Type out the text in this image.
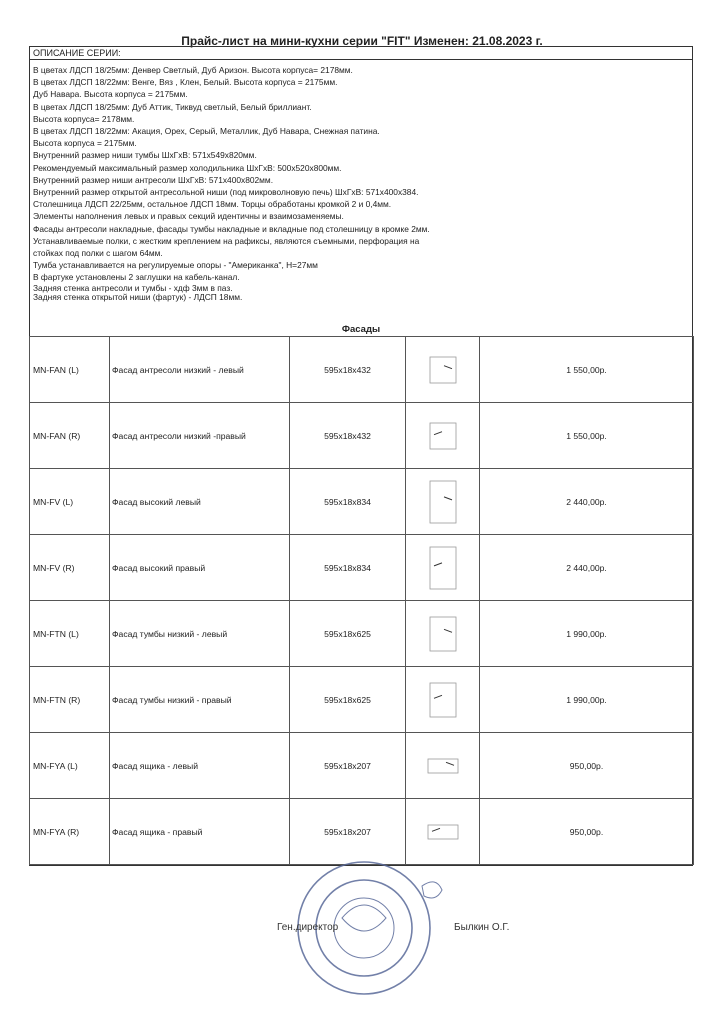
Прайс-лист на мини-кухни серии "FIT" Изменен: 21.08.2023 г.
ОПИСАНИЕ СЕРИИ:
В цветах ЛДСП 18/25мм: Денвер Светлый, Дуб Аризон. Высота корпуса= 2178мм.
В цветах ЛДСП 18/22мм: Венге, Вяз , Клен, Белый. Высота корпуса = 2175мм.
Дуб Навара. Высота корпуса = 2175мм.
В цветах ЛДСП 18/25мм: Дуб Аттик, Тиквуд светлый, Белый бриллиант.
Высота корпуса= 2178мм.
В цветах ЛДСП 18/22мм: Акация, Орех, Серый, Металлик, Дуб Навара, Снежная патина.
Высота корпуса = 2175мм.
Внутренний размер ниши тумбы ШхГхВ: 571х549х820мм.
Рекомендуемый максимальный размер холодильника ШхГхВ: 500х520х800мм.
Внутренний размер ниши антресоли ШхГхВ: 571х400х802мм.
Внутренний размер открытой антресольной ниши (под микроволновую печь) ШхГхВ: 571х400х384.
Столешница ЛДСП 22/25мм, остальное ЛДСП 18мм. Торцы обработаны кромкой 2 и 0,4мм.
Элементы наполнения левых и правых секций идентичны и взаимозаменяемы.
Фасады антресоли накладные, фасады тумбы накладные и вкладные под столешницу в кромке 2мм.
Устанавливаемые полки, с жестким креплением на рафиксы, являются съемными, перфорация на
стойках под полки с шагом 64мм.
Тумба устанавливается на регулируемые опоры - "Американка", Н=27мм
В фартуке установлены 2 заглушки на кабель-канал.
Задняя стенка антресоли и тумбы - хдф 3мм в паз.
Задняя стенка открытой ниши (фартук) - ЛДСП 18мм.
Фасады
MN-FAN (L)	Фасад антресоли низкий - левый	595х18х432		1 550,00р.
MN-FAN (R)	Фасад антресоли низкий -правый	595х18х432		1 550,00р.
MN-FV (L)	Фасад высокий левый	595х18х834		2 440,00р.
MN-FV (R)	Фасад высокий правый	595х18х834		2 440,00р.
MN-FTN (L)	Фасад тумбы низкий - левый	595х18х625		1 990,00р.
MN-FTN (R)	Фасад тумбы низкий - правый	595х18х625		1 990,00р.
MN-FYA (L)	Фасад ящика - левый	595х18х207		950,00р.
MN-FYA (R)	Фасад ящика - правый	595х18х207		950,00р.
Ген.директор	Былкин О.Г.
